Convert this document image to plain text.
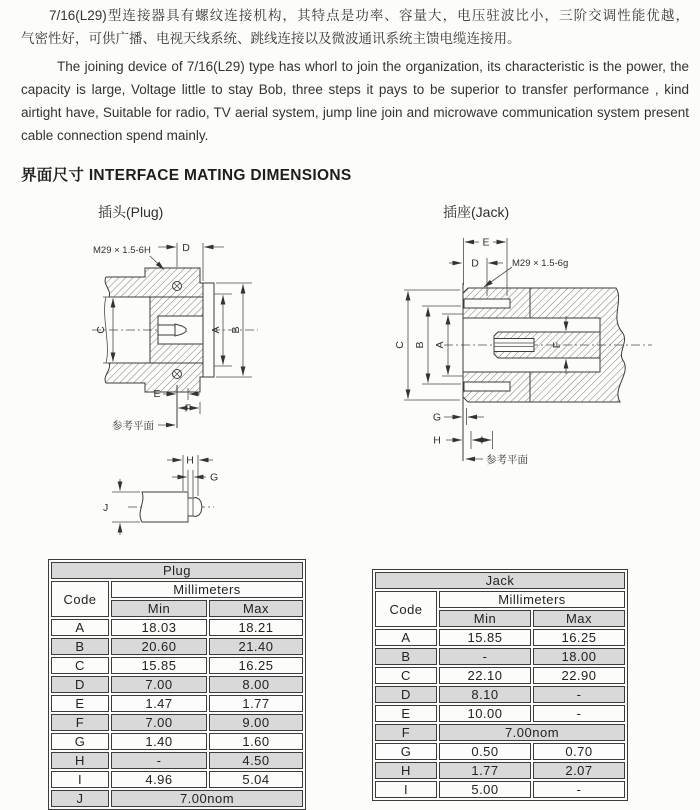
7/16(L29)型连接器具有螺纹连接机构，其特点是功率、容量大，电压驻波比小，三阶交调性能优越，
气密性好，可供广播、电视天线系统、跳线连接以及微波通讯系统主馈电缆连接用。
The joining device of 7/16(L29) type has whorl to join the organization, its characteristic is the power, the
capacity is large, Voltage little to stay Bob, three steps it pays to be superior to transfer performance , kind
airtight have, Suitable for radio, TV aerial system, jump line join and microwave communication system present
cable connection spend mainly.
界面尺寸 INTERFACE MATING DIMENSIONS
插头(Plug)	插座(Jack)
D
M29 × 1.5-6H
C	A B
E
F
参考平面
H
G
J
E
D	M29 × 1.5-6g
C B A	F
G
H	I
参考平面
Plug		
Code	Millimeters	
	Min	Max
A	18.03	18.21
B	20.60	21.40
C	15.85	16.25
D	7.00	8.00
E	1.47	1.77
F	7.00	9.00
G	1.40	1.60
H	-	4.50
I	4.96	5.04
J	7.00nom	
Jack		
Code	Millimeters	
	Min	Max
A	15.85	16.25
B	-	18.00
C	22.10	22.90
D	8.10	-
E	10.00	-
F	7.00nom	
G	0.50	0.70
H	1.77	2.07
I	5.00	-
